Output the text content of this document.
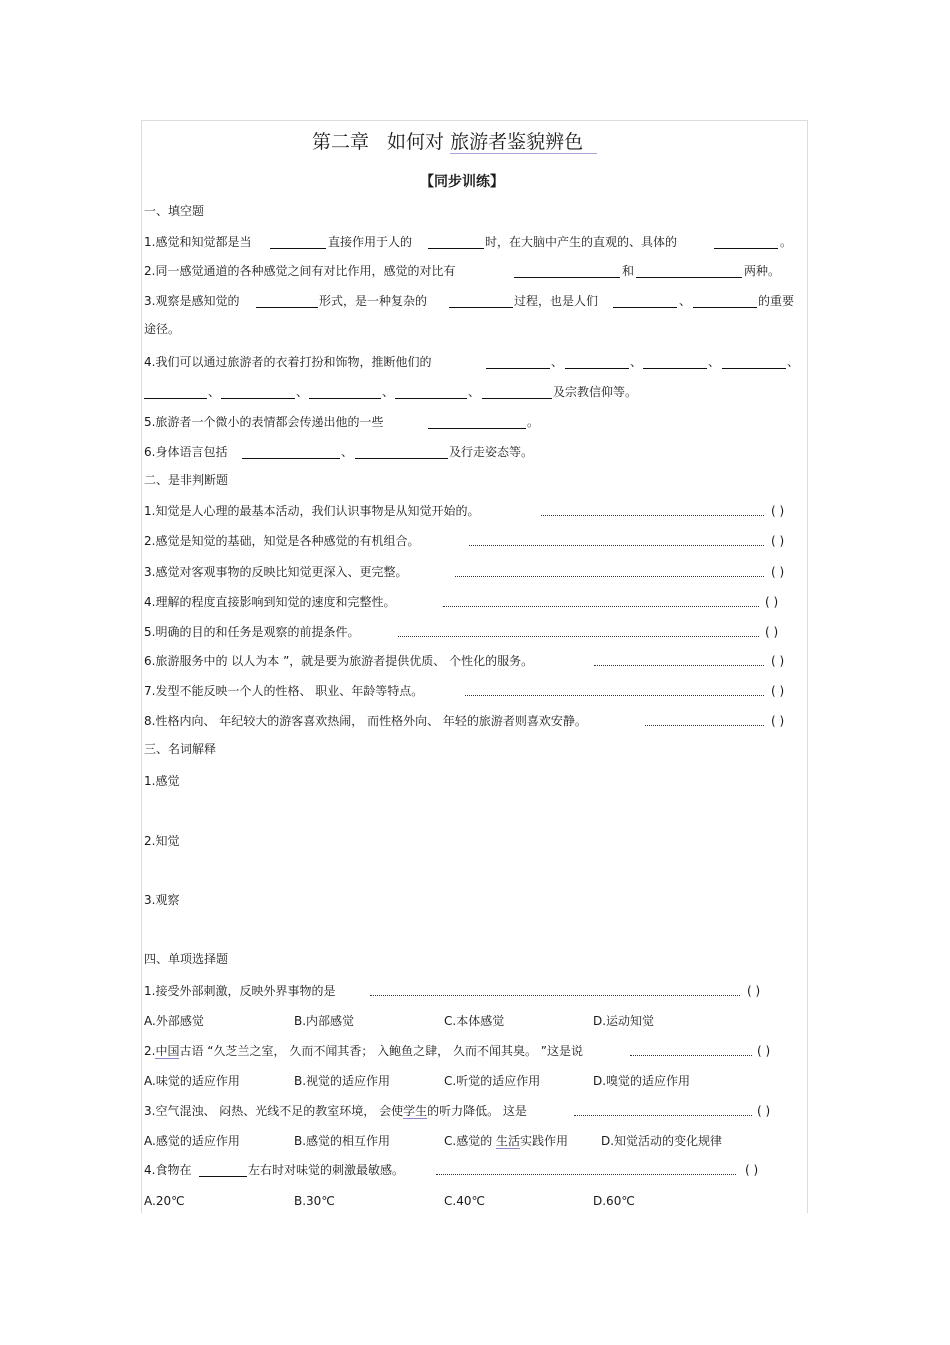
第二章 如何对 旅游者鉴貌辨色
【同步训练】
一、填空题
1.感觉和知觉都是当	直接作用于人的	时，在大脑中产生的直观的、具体的	。
2.同一感觉通道的各种感觉之间有对比作用，感觉的对比有	和	两种。
3.观察是感知觉的	形式，是一种复杂的	过程，也是人们	、	的重要
途径。
4.我们可以通过旅游者的衣着打扮和饰物，推断他们的	、	、	、	、
、	、	、	、	及宗教信仰等。
5.旅游者一个微小的表情都会传递出他的一些	。
6.身体语言包括	、	及行走姿态等。
二、是非判断题
1.知觉是人心理的最基本活动，我们认识事物是从知觉开始的。	( )
2.感觉是知觉的基础，知觉是各种感觉的有机组合。	( )
3.感觉对客观事物的反映比知觉更深入、更完整。	( )
4.理解的程度直接影响到知觉的速度和完整性。	( )
5.明确的目的和任务是观察的前提条件。	( )
6.旅游服务中的 以人为本 ”，就是要为旅游者提供优质、 个性化的服务。	( )
7.发型不能反映一个人的性格、 职业、年龄等特点。	( )
8.性格内向、 年纪较大的游客喜欢热闹， 而性格外向、 年轻的旅游者则喜欢安静。	( )
三、名词解释
1.感觉
2.知觉
3.观察
四、单项选择题
1.接受外部刺激，反映外界事物的是	( )
A.外部感觉	B.内部感觉	C.本体感觉	D.运动知觉
2.中国古语 “久芝兰之室， 久而不闻其香； 入鲍鱼之肆， 久而不闻其臭。 ”这是说	( )
A.味觉的适应作用	B.视觉的适应作用	C.听觉的适应作用	D.嗅觉的适应作用
3.空气混浊、 闷热、光线不足的教室环境， 会使学生的听力降低。 这是	( )
A.感觉的适应作用	B.感觉的相互作用	C.感觉的 生活实践作用	D.知觉活动的变化规律
4.食物在	左右时对味觉的刺激最敏感。	( )
A.20℃	B.30℃	C.40℃	D.60℃
